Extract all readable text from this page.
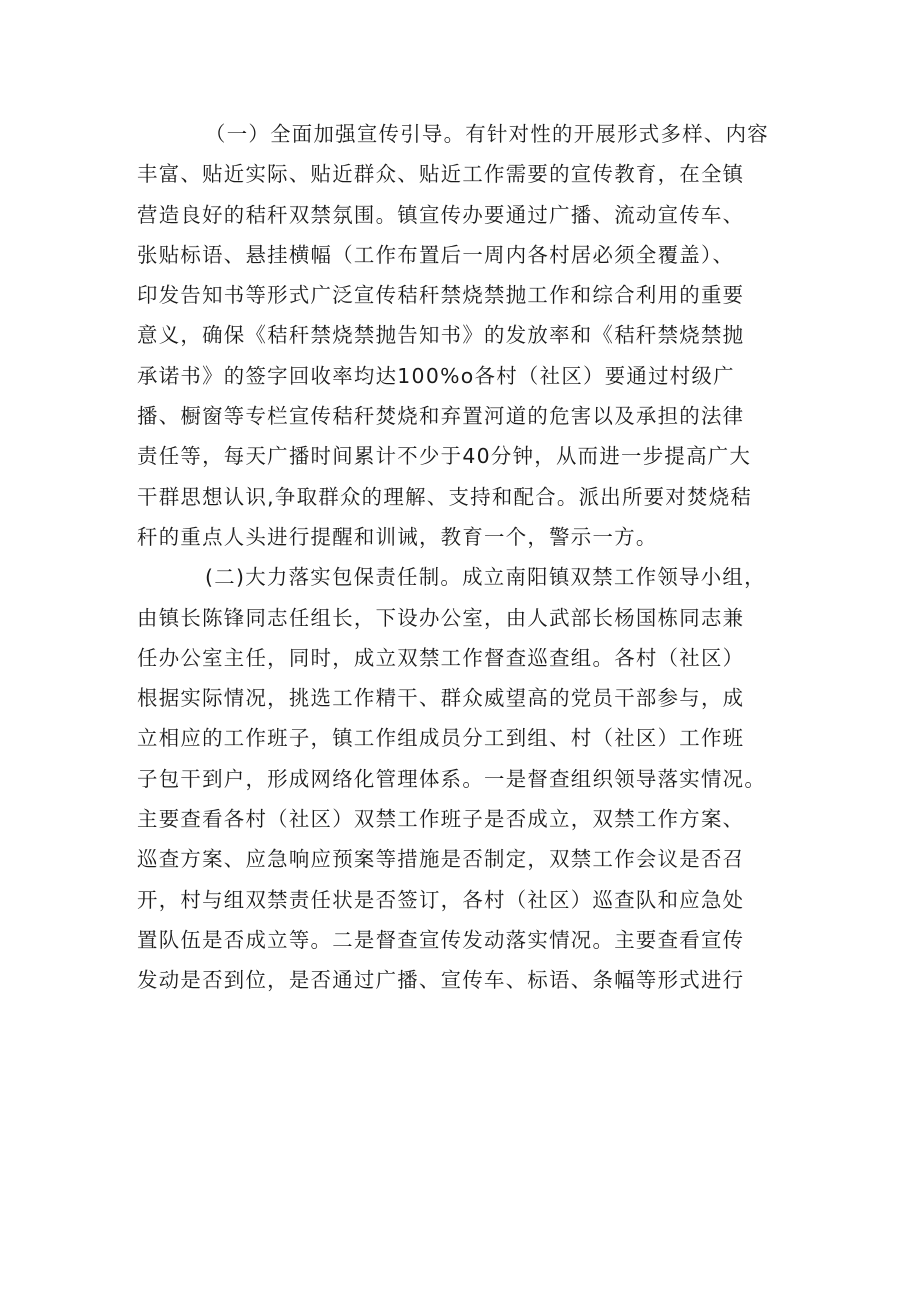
（一）全面加强宣传引导。有针对性的开展形式多样、内容
丰富、贴近实际、贴近群众、贴近工作需要的宣传教育，在全镇
营造良好的秸秆双禁氛围。镇宣传办要通过广播、流动宣传车、
张贴标语、悬挂横幅（工作布置后一周内各村居必须全覆盖）、
印发告知书等形式广泛宣传秸秆禁烧禁抛工作和综合利用的重要
意义，确保《秸秆禁烧禁抛告知书》的发放率和《秸秆禁烧禁抛
承诺书》的签字回收率均达100%o各村（社区）要通过村级广
播、橱窗等专栏宣传秸秆焚烧和弃置河道的危害以及承担的法律
责任等，每天广播时间累计不少于40分钟，从而进一步提高广大
干群思想认识,争取群众的理解、支持和配合。派出所要对焚烧秸
秆的重点人头进行提醒和训诫，教育一个，警示一方。
(二)大力落实包保责任制。成立南阳镇双禁工作领导小组，
由镇长陈锋同志任组长，下设办公室，由人武部长杨国栋同志兼
任办公室主任，同时，成立双禁工作督查巡查组。各村（社区）
根据实际情况，挑选工作精干、群众威望高的党员干部参与，成
立相应的工作班子，镇工作组成员分工到组、村（社区）工作班
子包干到户，形成网络化管理体系。一是督查组织领导落实情况。
主要查看各村（社区）双禁工作班子是否成立，双禁工作方案、
巡查方案、应急响应预案等措施是否制定，双禁工作会议是否召
开，村与组双禁责任状是否签订，各村（社区）巡查队和应急处
置队伍是否成立等。二是督查宣传发动落实情况。主要查看宣传
发动是否到位，是否通过广播、宣传车、标语、条幅等形式进行
